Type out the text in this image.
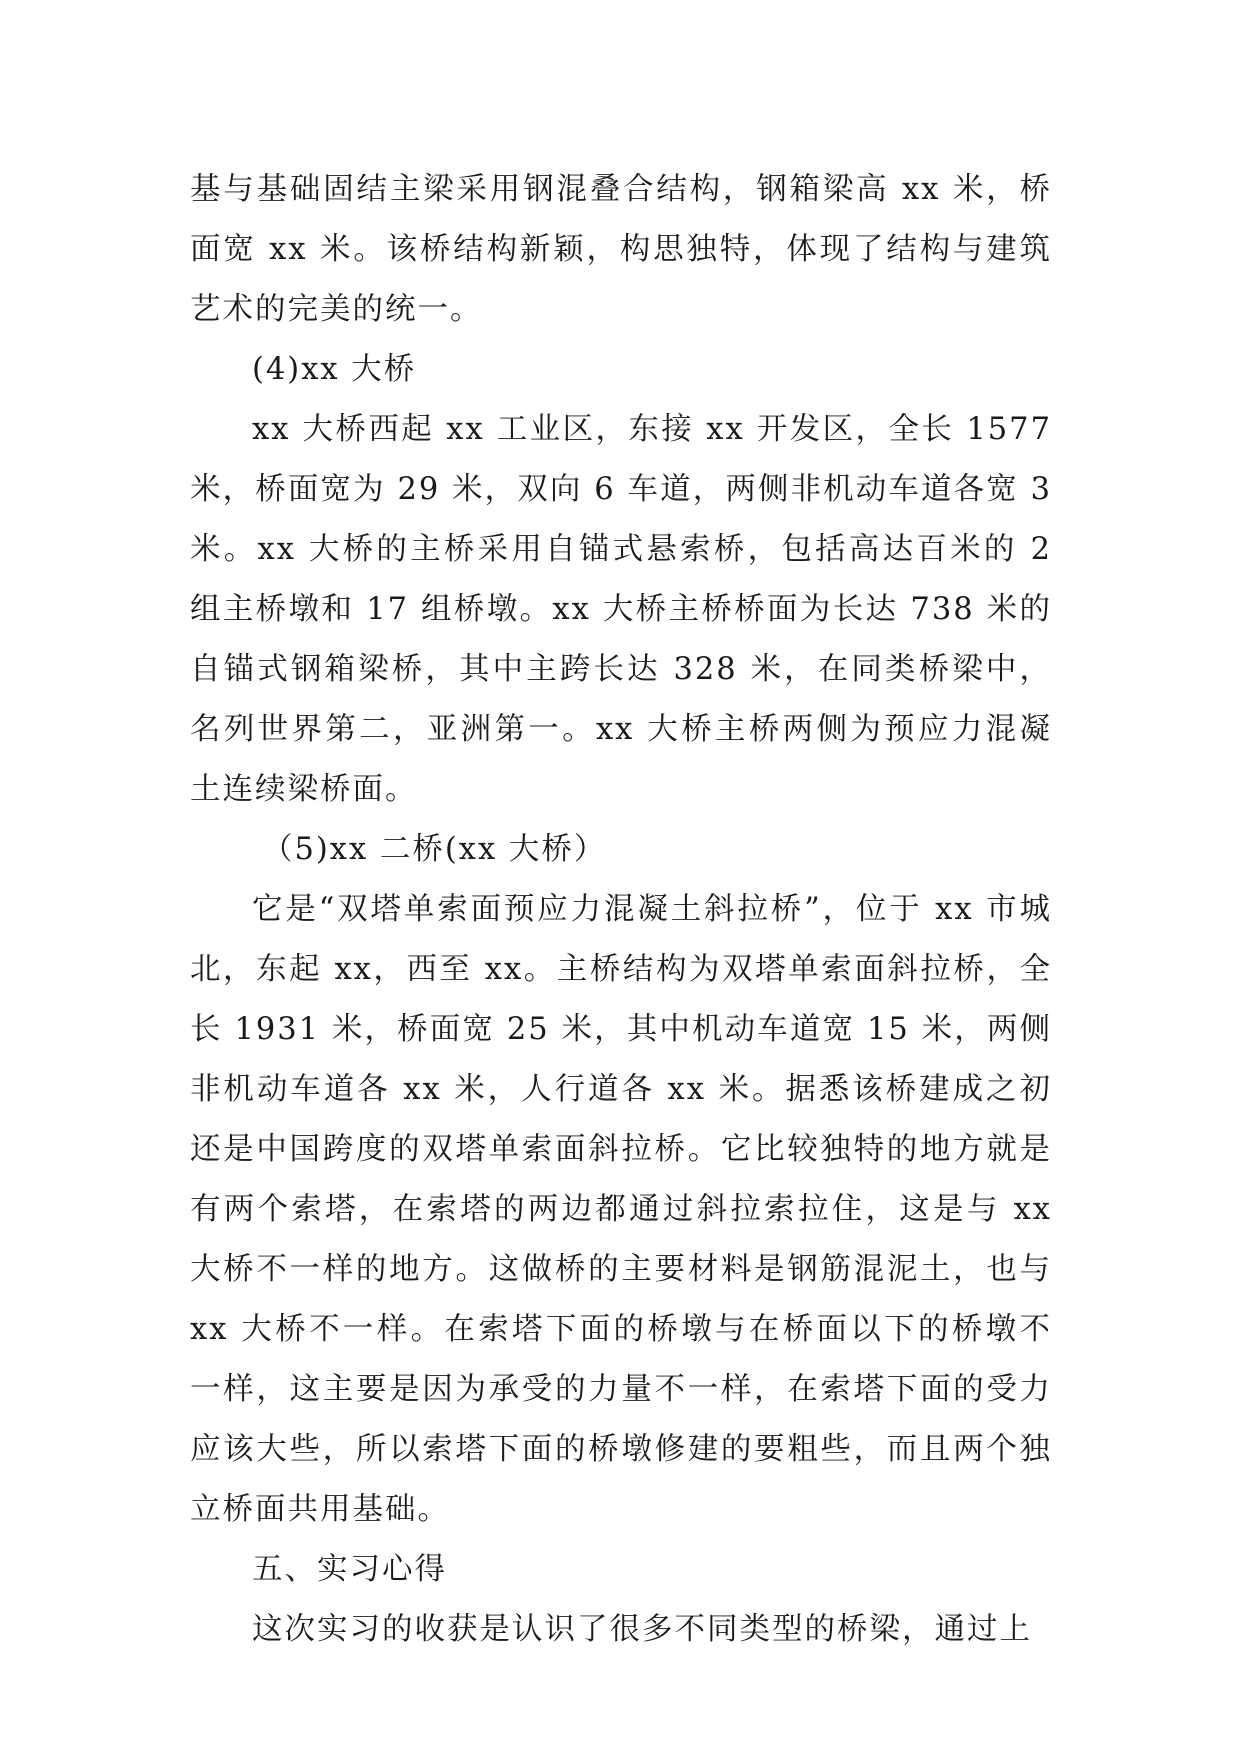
基与基础固结主梁采用钢混叠合结构，钢箱梁高 xx 米，桥面宽 xx 米。该桥结构新颖，构思独特，体现了结构与建筑艺术的完美的统一。

(4)xx 大桥

xx 大桥西起 xx 工业区，东接 xx 开发区，全长 1577 米，桥面宽为 29 米，双向 6 车道，两侧非机动车道各宽 3 米。xx 大桥的主桥采用自锚式悬索桥，包括高达百米的 2 组主桥墩和 17 组桥墩。xx 大桥主桥桥面为长达 738 米的自锚式钢箱梁桥，其中主跨长达 328 米，在同类桥梁中，名列世界第二，亚洲第一。xx 大桥主桥两侧为预应力混凝土连续梁桥面。

（5)xx 二桥(xx 大桥）

它是“双塔单索面预应力混凝土斜拉桥”，位于 xx 市城北，东起 xx，西至 xx。主桥结构为双塔单索面斜拉桥，全长 1931 米，桥面宽 25 米，其中机动车道宽 15 米，两侧非机动车道各 xx 米，人行道各 xx 米。据悉该桥建成之初还是中国跨度的双塔单索面斜拉桥。它比较独特的地方就是有两个索塔，在索塔的两边都通过斜拉索拉住，这是与 xx 大桥不一样的地方。这做桥的主要材料是钢筋混泥土，也与 xx 大桥不一样。在索塔下面的桥墩与在桥面以下的桥墩不一样，这主要是因为承受的力量不一样，在索塔下面的受力应该大些，所以索塔下面的桥墩修建的要粗些，而且两个独立桥面共用基础。

五、实习心得

这次实习的收获是认识了很多不同类型的桥梁，通过上
